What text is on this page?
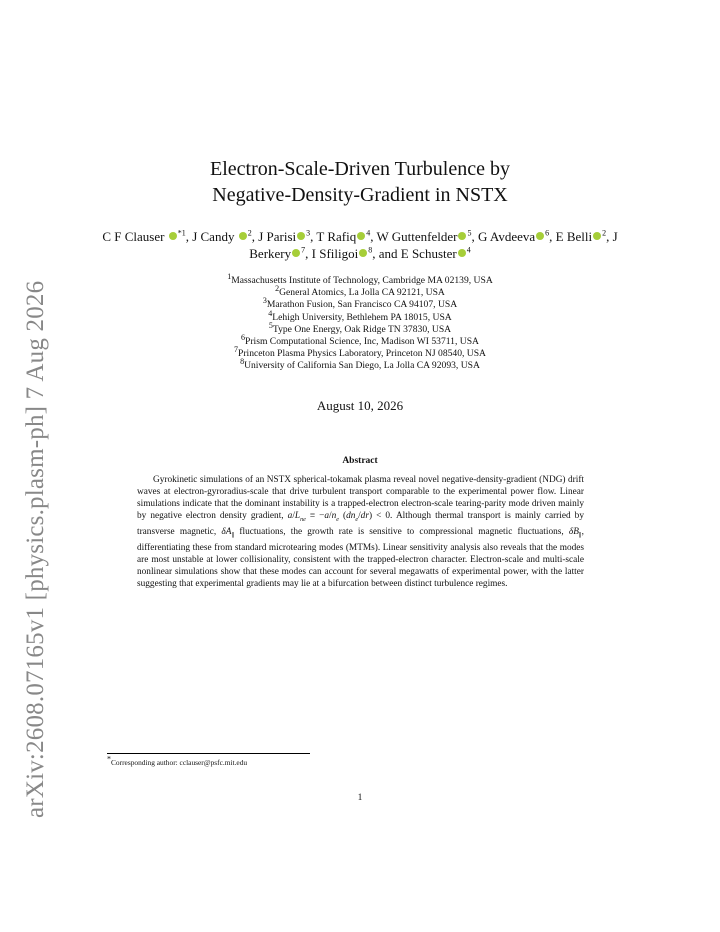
arXiv:2608.07165v1 [physics.plasm-ph] 7 Aug 2026
Electron-Scale-Driven Turbulence by
Negative-Density-Gradient in NSTX
C F Clauser $^{*1}$, J Candy $^2$, J Parisi $^3$, T Rafiq $^4$, W Guttenfelder $^5$, G Avdeeva $^6$, E Belli $^2$, J Berkery $^7$, I Sfiligoi $^8$, and E Schuster $^4$
$^1$Massachusetts Institute of Technology, Cambridge MA 02139, USA
$^2$General Atomics, La Jolla CA 92121, USA
$^3$Marathon Fusion, San Francisco CA 94107, USA
$^4$Lehigh University, Bethlehem PA 18015, USA
$^5$Type One Energy, Oak Ridge TN 37830, USA
$^6$Prism Computational Science, Inc, Madison WI 53711, USA
$^7$Princeton Plasma Physics Laboratory, Princeton NJ 08540, USA
$^8$University of California San Diego, La Jolla CA 92093, USA
August 10, 2026
Abstract

Gyrokinetic simulations of an NSTX spherical-tokamak plasma reveal novel negative-density-gradient (NDG) drift waves at electron-gyroradius-scale that drive turbulent transport comparable to the experimental power flow. Linear simulations indicate that the dominant instability is a trapped-electron electron-scale tearing-parity mode driven mainly by negative electron density gradient, $a/L_{ne} \equiv -a/n_e$ $(dn_e/dr) < 0$. Although thermal transport is mainly carried by transverse magnetic, $\delta A_\parallel$ fluctuations, the growth rate is sensitive to compressional magnetic fluctuations, $\delta B_\parallel$, differentiating these from standard microtearing modes (MTMs). Linear sensitivity analysis also reveals that the modes are most unstable at lower collisionality, consistent with the trapped-electron character. Electron-scale and multi-scale nonlinear simulations show that these modes can account for several megawatts of experimental power, with the latter suggesting that experimental gradients may lie at a bifurcation between distinct turbulence regimes.

*Corresponding author: cclauser@psfc.mit.edu
1
